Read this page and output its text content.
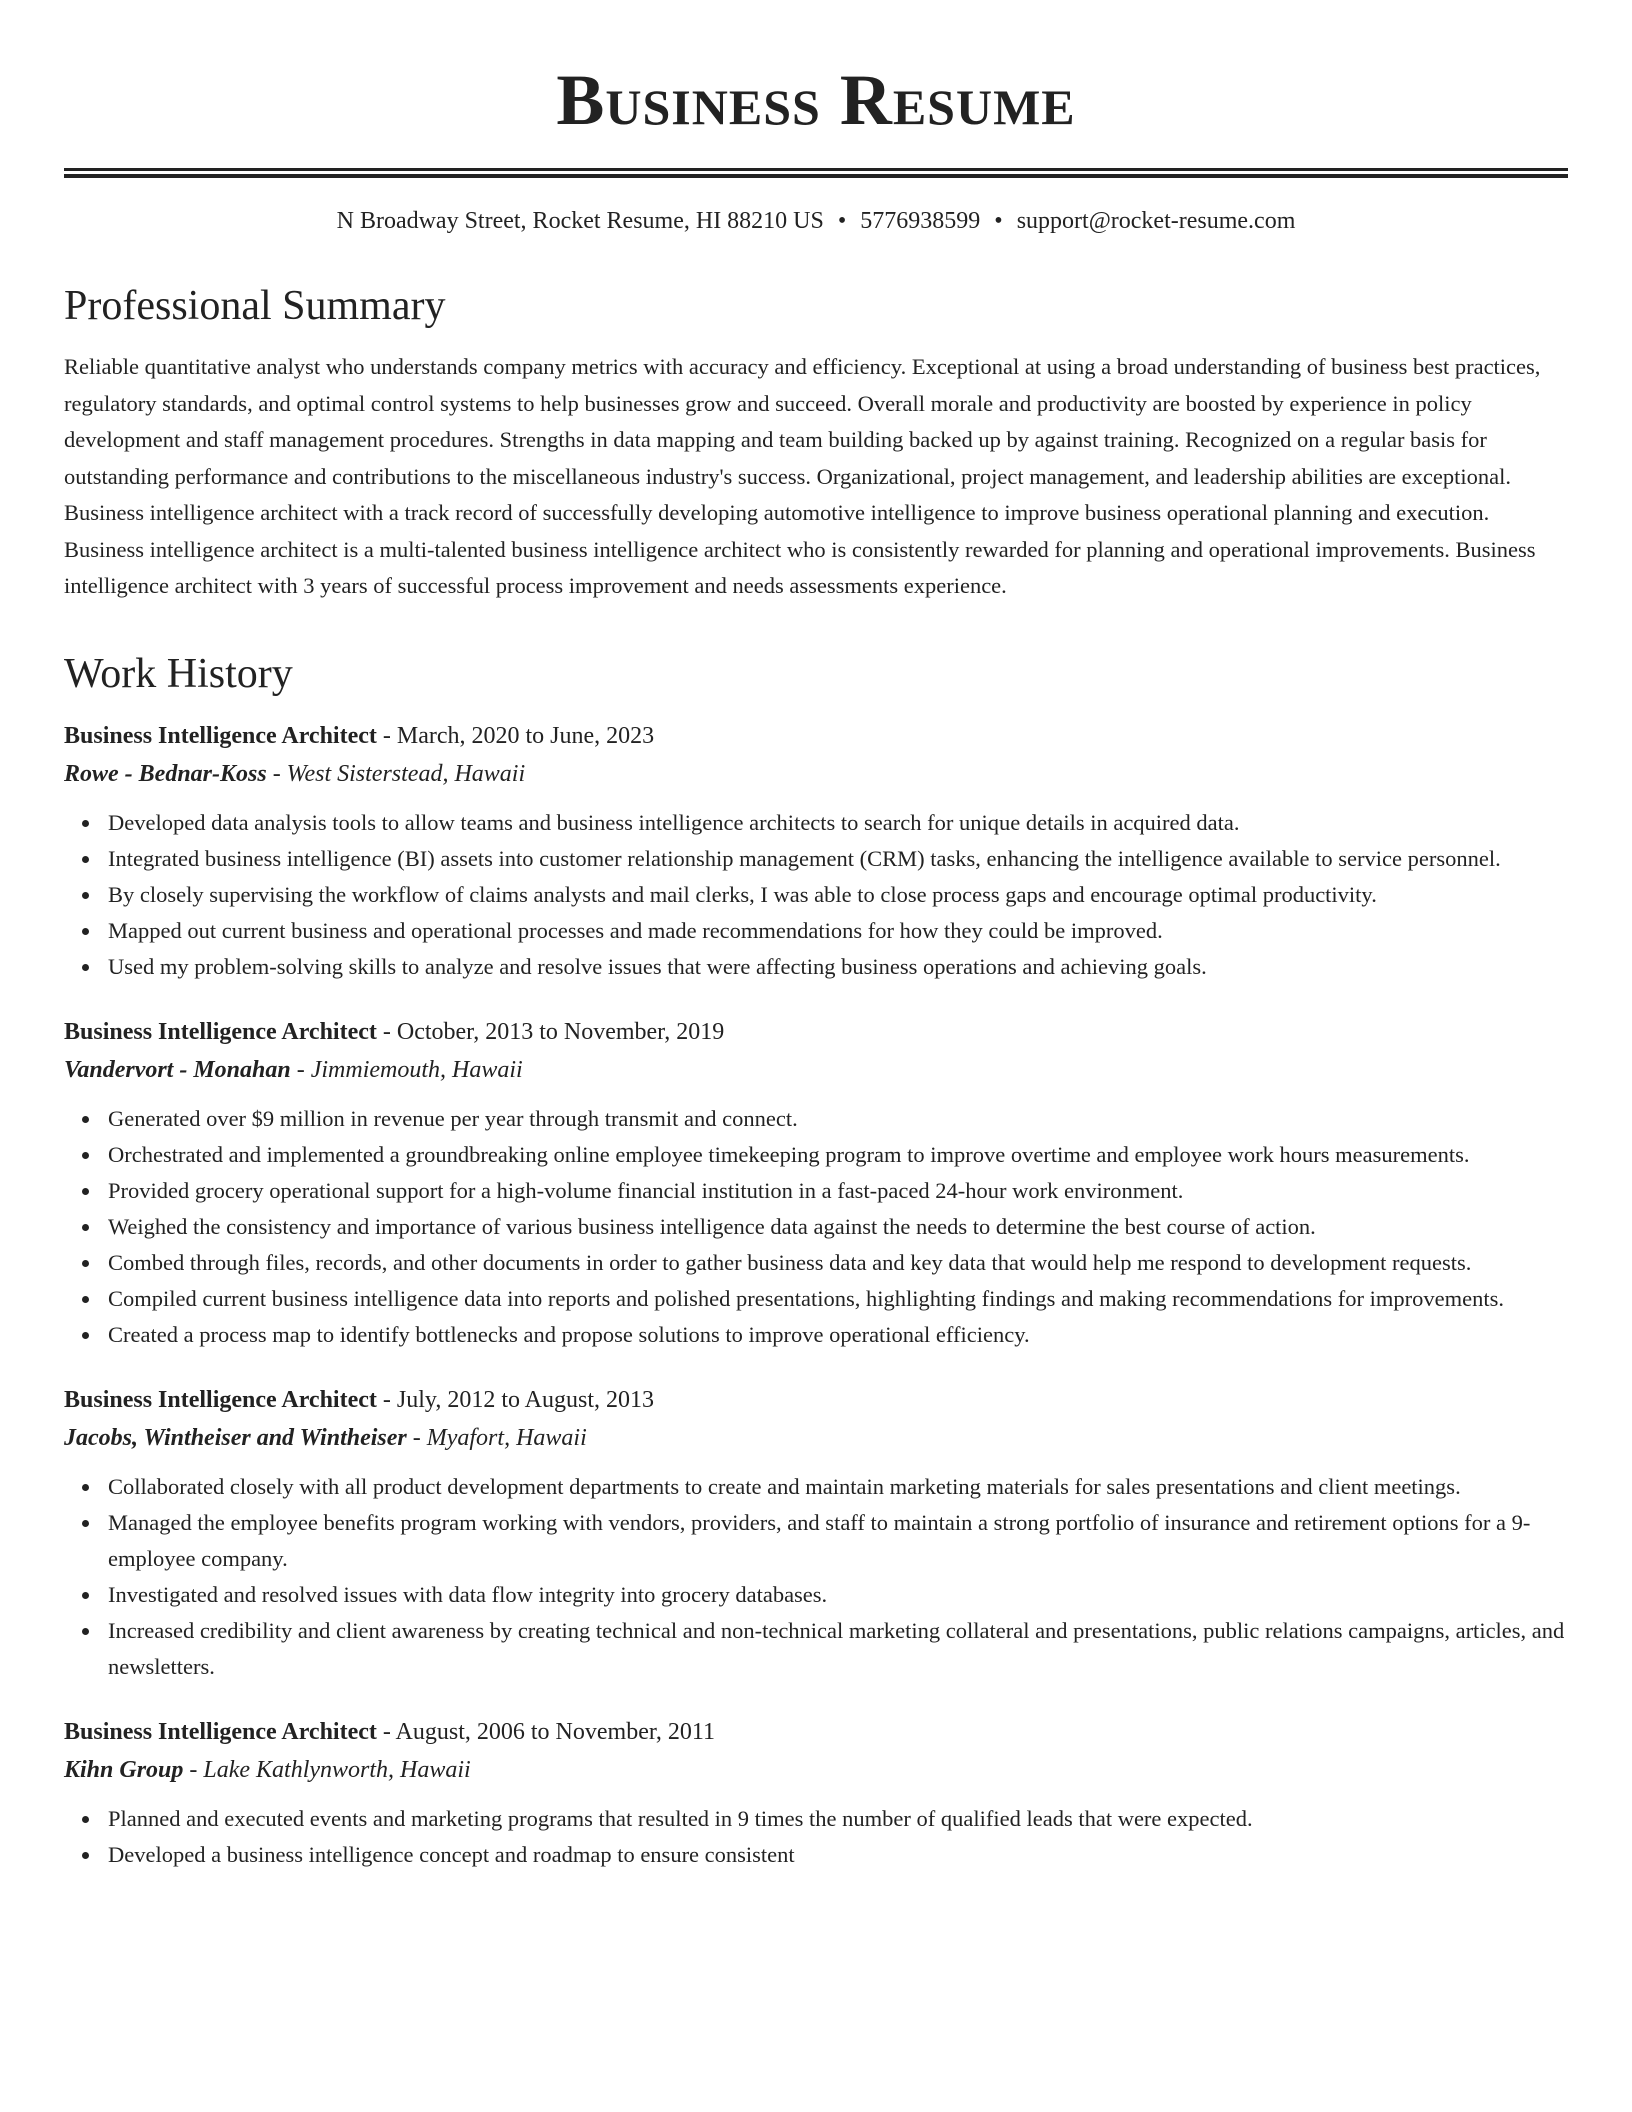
Business Resume
N Broadway Street, Rocket Resume, HI 88210 US • 5776938599 • support@rocket-resume.com
Professional Summary

Reliable quantitative analyst who understands company metrics with accuracy and efficiency. Exceptional at using a broad understanding of business best practices, regulatory standards, and optimal control systems to help businesses grow and succeed. Overall morale and productivity are boosted by experience in policy development and staff management procedures. Strengths in data mapping and team building backed up by against training. Recognized on a regular basis for outstanding performance and contributions to the miscellaneous industry's success. Organizational, project management, and leadership abilities are exceptional. Business intelligence architect with a track record of successfully developing automotive intelligence to improve business operational planning and execution. Business intelligence architect is a multi-talented business intelligence architect who is consistently rewarded for planning and operational improvements. Business intelligence architect with 3 years of successful process improvement and needs assessments experience.

Work History
Business Intelligence Architect - March, 2020 to June, 2023
Rowe - Bednar-Koss - West Sisterstead, Hawaii
Developed data analysis tools to allow teams and business intelligence architects to search for unique details in acquired data.
Integrated business intelligence (BI) assets into customer relationship management (CRM) tasks, enhancing the intelligence available to service personnel.
By closely supervising the workflow of claims analysts and mail clerks, I was able to close process gaps and encourage optimal productivity.
Mapped out current business and operational processes and made recommendations for how they could be improved.
Used my problem-solving skills to analyze and resolve issues that were affecting business operations and achieving goals.
Business Intelligence Architect - October, 2013 to November, 2019
Vandervort - Monahan - Jimmiemouth, Hawaii
Generated over $9 million in revenue per year through transmit and connect.
Orchestrated and implemented a groundbreaking online employee timekeeping program to improve overtime and employee work hours measurements.
Provided grocery operational support for a high-volume financial institution in a fast-paced 24-hour work environment.
Weighed the consistency and importance of various business intelligence data against the needs to determine the best course of action.
Combed through files, records, and other documents in order to gather business data and key data that would help me respond to development requests.
Compiled current business intelligence data into reports and polished presentations, highlighting findings and making recommendations for improvements.
Created a process map to identify bottlenecks and propose solutions to improve operational efficiency.
Business Intelligence Architect - July, 2012 to August, 2013
Jacobs, Wintheiser and Wintheiser - Myafort, Hawaii
Collaborated closely with all product development departments to create and maintain marketing materials for sales presentations and client meetings.
Managed the employee benefits program working with vendors, providers, and staff to maintain a strong portfolio of insurance and retirement options for a 9-employee company.
Investigated and resolved issues with data flow integrity into grocery databases.
Increased credibility and client awareness by creating technical and non-technical marketing collateral and presentations, public relations campaigns, articles, and newsletters.
Business Intelligence Architect - August, 2006 to November, 2011
Kihn Group - Lake Kathlynworth, Hawaii
Planned and executed events and marketing programs that resulted in 9 times the number of qualified leads that were expected.
Developed a business intelligence concept and roadmap to ensure consistent
